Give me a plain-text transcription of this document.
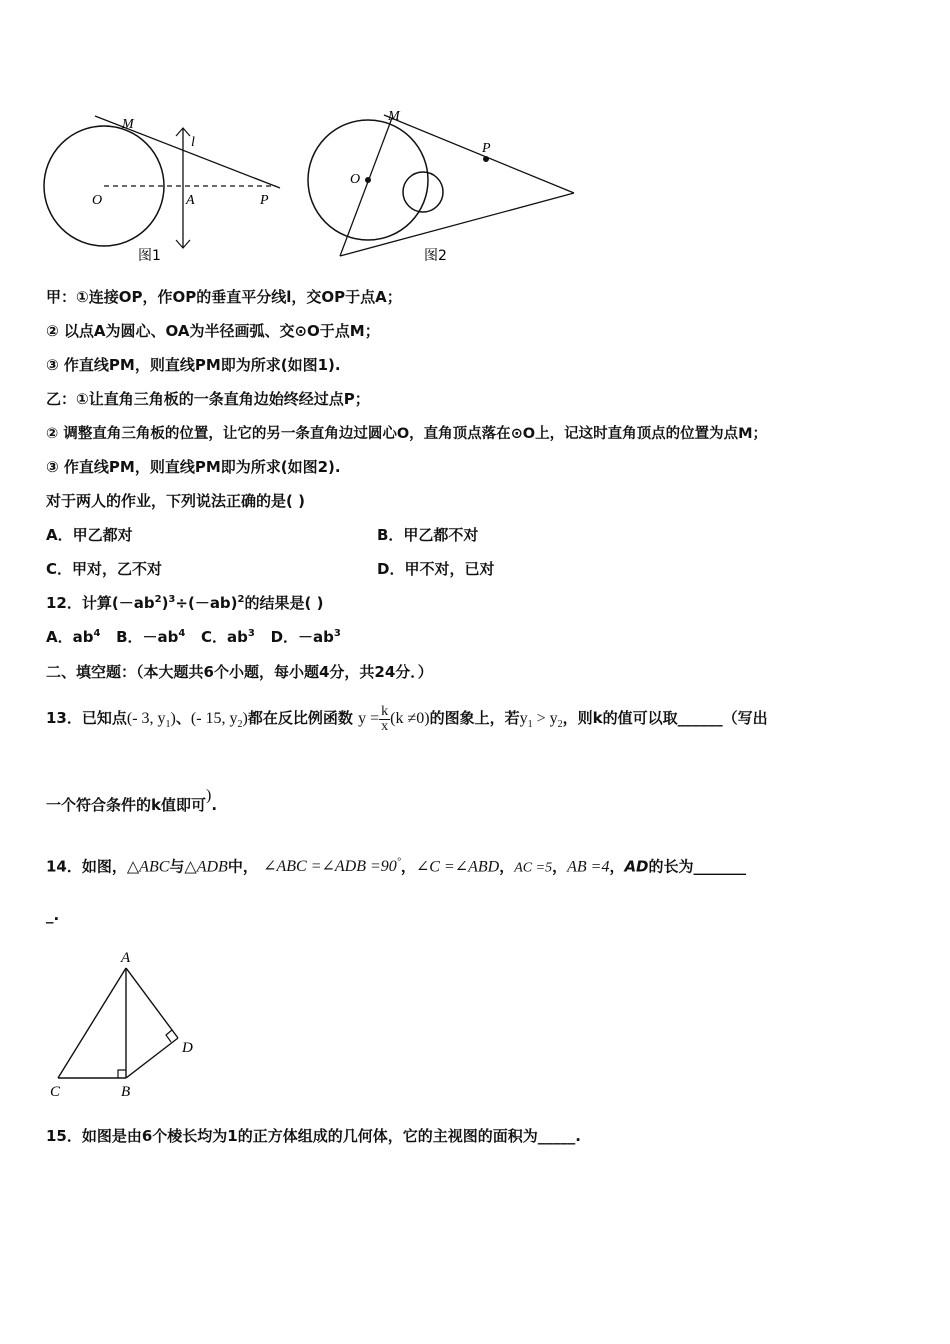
M
l
O	A	P
图1
M
P
O
图2
甲：①连接OP，作OP的垂直平分线l，交OP于点A；
② 以点A为圆心、OA为半径画弧、交⊙O于点M；
③ 作直线PM，则直线PM即为所求(如图1).
乙：①让直角三角板的一条直角边始终经过点P；
② 调整直角三角板的位置，让它的另一条直角边过圆心O，直角顶点落在⊙O上，记这时直角顶点的位置为点M；
③ 作直线PM，则直线PM即为所求(如图2).
对于两人的作业，下列说法正确的是( )
A．甲乙都对	B．甲乙都不对
C．甲对，乙不对	D．甲不对，已对
12．计算$(-ab^2)^3\div(-ab)^2$的结果是( )
A．$ab^4$ B．$-ab^4$ C．$ab^3$ D．$-ab^3$
二、填空题：（本大题共6个小题，每小题4分，共24分．）
13．已知点(- 3, $y_1$)、(- 15, $y_2$)都在反比例函数 $y = \frac{k}{x} (k \ne 0)$的图象上，若$y_1 > y_2$，则k的值可以取______（写出
一个符合条件的k值即可).
14．如图，△ABC与△ADB中， ∠ABC =∠ADB =90°，∠C =∠ABD，AC =5，AB =4，AD的长为_______
_.
A
B
C
D
15．如图是由6个棱长均为1的正方体组成的几何体，它的主视图的面积为_____.
